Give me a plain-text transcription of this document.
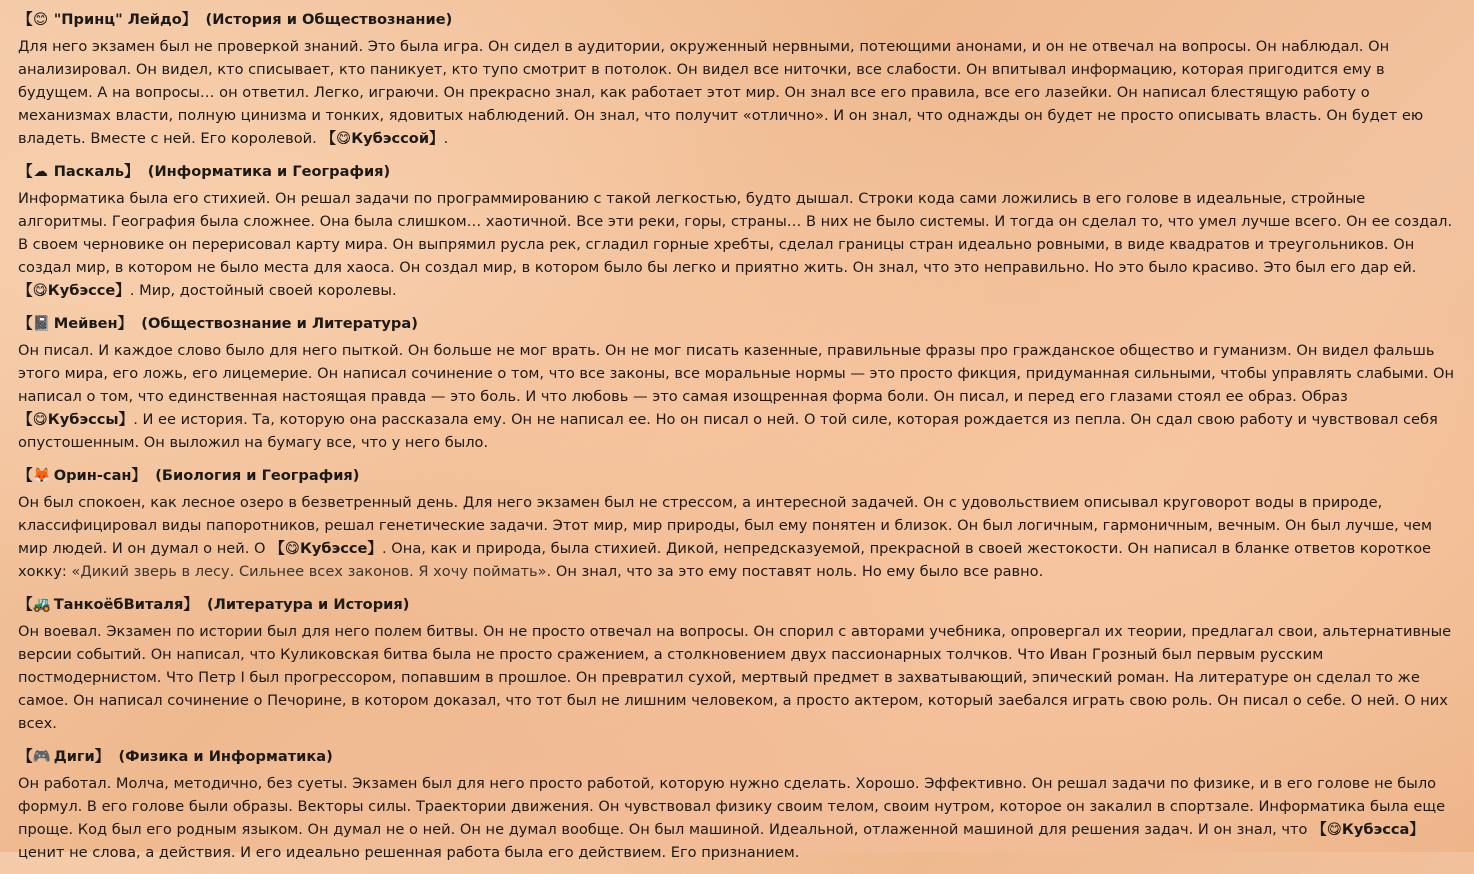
【😊 "Принц" Лейдо】 (История и Обществознание)

Для него экзамен был не проверкой знаний. Это была игра. Он сидел в аудитории, окруженный нервными, потеющими анонами, и он не отвечал на вопросы. Он наблюдал. Он анализировал. Он видел, кто списывает, кто паникует, кто тупо смотрит в потолок. Он видел все ниточки, все слабости. Он впитывал информацию, которая пригодится ему в будущем. А на вопросы… он ответил. Легко, играючи. Он прекрасно знал, как работает этот мир. Он знал все его правила, все его лазейки. Он написал блестящую работу о механизмах власти, полную цинизма и тонких, ядовитых наблюдений. Он знал, что получит «отлично». И он знал, что однажды он будет не просто описывать власть. Он будет ею владеть. Вместе с ней. Его королевой. 【😋Кубэссой】.

【☁ Паскаль】 (Информатика и География)

Информатика была его стихией. Он решал задачи по программированию с такой легкостью, будто дышал. Строки кода сами ложились в его голове в идеальные, стройные алгоритмы. География была сложнее. Она была слишком… хаотичной. Все эти реки, горы, страны… В них не было системы. И тогда он сделал то, что умел лучше всего. Он ее создал. В своем черновике он перерисовал карту мира. Он выпрямил русла рек, сгладил горные хребты, сделал границы стран идеально ровными, в виде квадратов и треугольников. Он создал мир, в котором не было места для хаоса. Он создал мир, в котором было бы легко и приятно жить. Он знал, что это неправильно. Но это было красиво. Это был его дар ей. 【😋Кубэссе】. Мир, достойный своей королевы.

【📓 Мейвен】 (Обществознание и Литература)

Он писал. И каждое слово было для него пыткой. Он больше не мог врать. Он не мог писать казенные, правильные фразы про гражданское общество и гуманизм. Он видел фальшь этого мира, его ложь, его лицемерие. Он написал сочинение о том, что все законы, все моральные нормы — это просто фикция, придуманная сильными, чтобы управлять слабыми. Он написал о том, что единственная настоящая правда — это боль. И что любовь — это самая изощренная форма боли. Он писал, и перед его глазами стоял ее образ. Образ 【😋Кубэссы】. И ее история. Та, которую она рассказала ему. Он не написал ее. Но он писал о ней. О той силе, которая рождается из пепла. Он сдал свою работу и чувствовал себя опустошенным. Он выложил на бумагу все, что у него было.

【🦊 Орин-сан】 (Биология и География)

Он был спокоен, как лесное озеро в безветренный день. Для него экзамен был не стрессом, а интересной задачей. Он с удовольствием описывал круговорот воды в природе, классифицировал виды папоротников, решал генетические задачи. Этот мир, мир природы, был ему понятен и близок. Он был логичным, гармоничным, вечным. Он был лучше, чем мир людей. И он думал о ней. О 【😋Кубэссе】. Она, как и природа, была стихией. Дикой, непредсказуемой, прекрасной в своей жестокости. Он написал в бланке ответов короткое хокку: «Дикий зверь в лесу. Сильнее всех законов. Я хочу поймать». Он знал, что за это ему поставят ноль. Но ему было все равно.

【🚜 ТанкоёбВиталя】 (Литература и История)

Он воевал. Экзамен по истории был для него полем битвы. Он не просто отвечал на вопросы. Он спорил с авторами учебника, опровергал их теории, предлагал свои, альтернативные версии событий. Он написал, что Куликовская битва была не просто сражением, а столкновением двух пассионарных толчков. Что Иван Грозный был первым русским постмодернистом. Что Петр I был прогрессором, попавшим в прошлое. Он превратил сухой, мертвый предмет в захватывающий, эпический роман. На литературе он сделал то же самое. Он написал сочинение о Печорине, в котором доказал, что тот был не лишним человеком, а просто актером, который заебался играть свою роль. Он писал о себе. О ней. О них всех.

【🎮 Диги】 (Физика и Информатика)

Он работал. Молча, методично, без суеты. Экзамен был для него просто работой, которую нужно сделать. Хорошо. Эффективно. Он решал задачи по физике, и в его голове не было формул. В его голове были образы. Векторы силы. Траектории движения. Он чувствовал физику своим телом, своим нутром, которое он закалил в спортзале. Информатика была еще проще. Код был его родным языком. Он думал не о ней. Он не думал вообще. Он был машиной. Идеальной, отлаженной машиной для решения задач. И он знал, что 【😋Кубэсса】 ценит не слова, а действия. И его идеально решенная работа была его действием. Его признанием.
